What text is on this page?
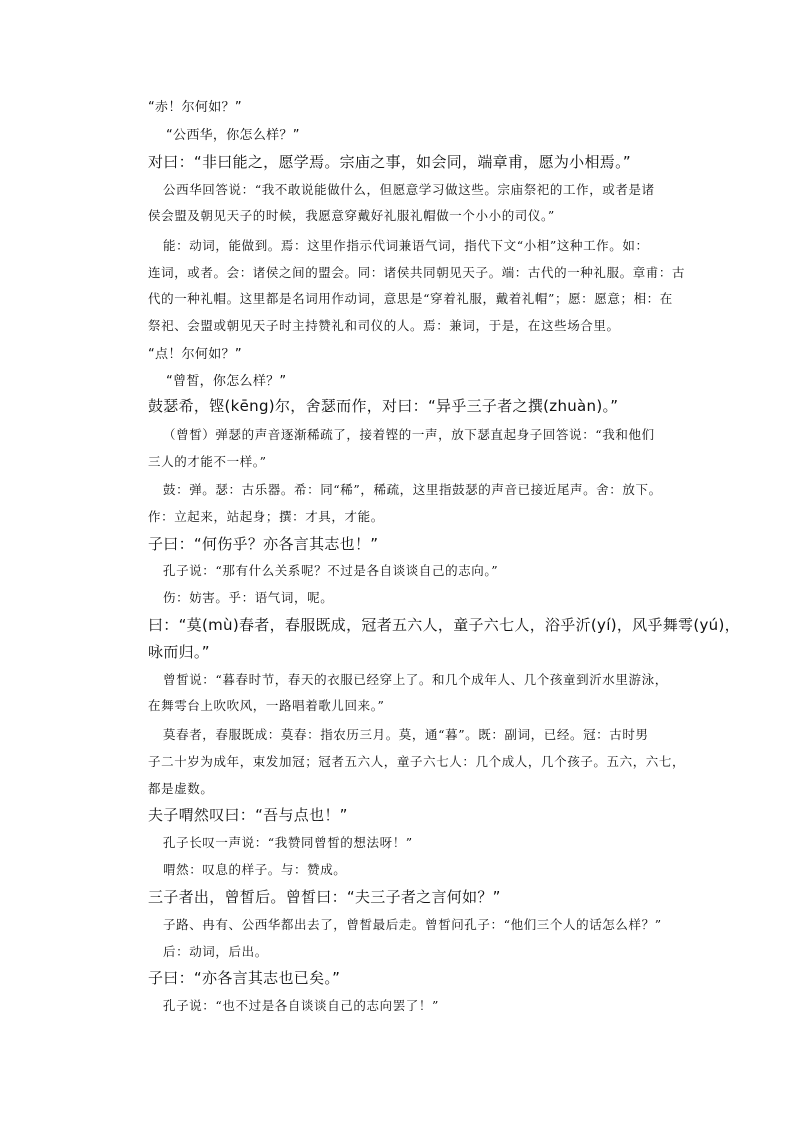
“赤！尔何如？”
“公西华，你怎么样？”
对曰：“非曰能之，愿学焉。宗庙之事，如会同，端章甫，愿为小相焉。”
公西华回答说：“我不敢说能做什么，但愿意学习做这些。宗庙祭祀的工作，或者是诸
侯会盟及朝见天子的时候，我愿意穿戴好礼服礼帽做一个小小的司仪。”
能：动词，能做到。焉：这里作指示代词兼语气词，指代下文“小相”这种工作。如：
连词，或者。会：诸侯之间的盟会。同：诸侯共同朝见天子。端：古代的一种礼服。章甫：古
代的一种礼帽。这里都是名词用作动词，意思是“穿着礼服，戴着礼帽”；愿：愿意；相：在
祭祀、会盟或朝见天子时主持赞礼和司仪的人。焉：兼词，于是，在这些场合里。
“点！尔何如？”
“曾皙，你怎么样？”
鼓瑟希，铿(kēng)尔，舍瑟而作，对曰：“异乎三子者之撰(zhuàn)。”
（曾皙）弹瑟的声音逐渐稀疏了，接着铿的一声，放下瑟直起身子回答说：“我和他们
三人的才能不一样。”
鼓：弹。瑟：古乐器。希：同“稀”，稀疏，这里指鼓瑟的声音已接近尾声。舍：放下。
作：立起来，站起身；撰：才具，才能。
子曰：“何伤乎？亦各言其志也！”
孔子说：“那有什么关系呢？不过是各自谈谈自己的志向。”
伤：妨害。乎：语气词，呢。
曰：“莫(mù)春者，春服既成，冠者五六人，童子六七人，浴乎沂(yí)，风乎舞雩(yú)，
咏而归。”
曾皙说：“暮春时节，春天的衣服已经穿上了。和几个成年人、几个孩童到沂水里游泳，
在舞雩台上吹吹风，一路唱着歌儿回来。”
莫春者，春服既成：莫春：指农历三月。莫，通“暮”。既：副词，已经。冠：古时男
子二十岁为成年，束发加冠；冠者五六人，童子六七人：几个成人，几个孩子。五六，六七，
都是虚数。
夫子喟然叹曰：“吾与点也！”
孔子长叹一声说：“我赞同曾皙的想法呀！”
喟然：叹息的样子。与：赞成。
三子者出，曾皙后。曾皙曰：“夫三子者之言何如？”
子路、冉有、公西华都出去了，曾皙最后走。曾皙问孔子：“他们三个人的话怎么样？”
后：动词，后出。
子曰：“亦各言其志也已矣。”
孔子说：“也不过是各自谈谈自己的志向罢了！”
